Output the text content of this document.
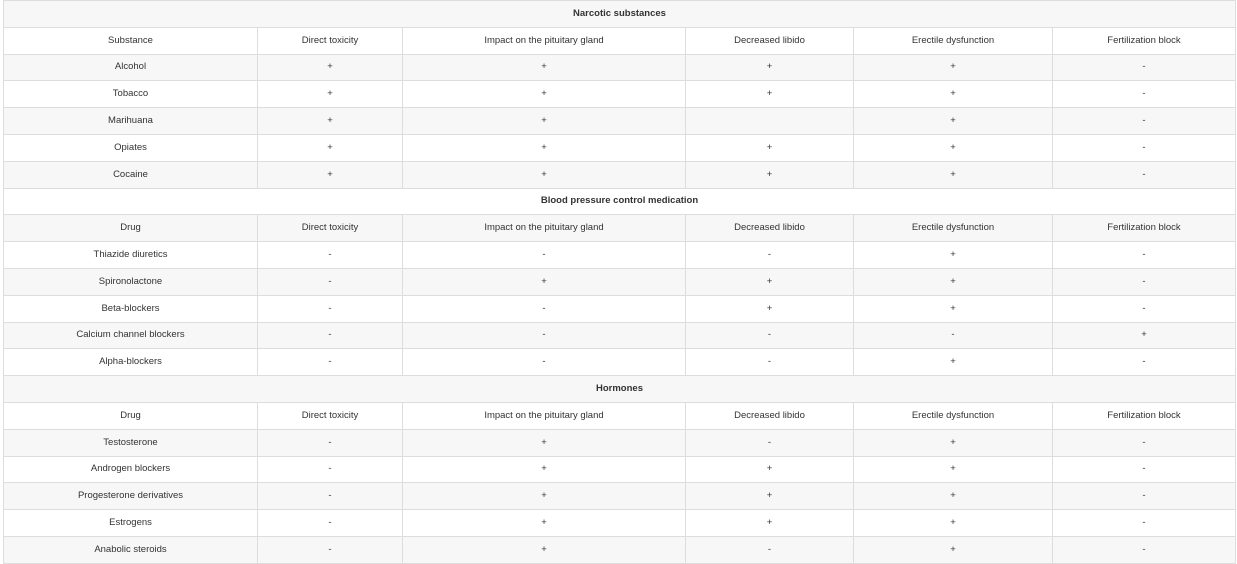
Narcotic substances					
Substance	Direct toxicity	Impact on the pituitary gland	Decreased libido	Erectile dysfunction	Fertilization block
Alcohol	+	+	+	+	-
Tobacco	+	+	+	+	-
Marihuana	+	+		+	-
Opiates	+	+	+	+	-
Cocaine	+	+	+	+	-
Blood pressure control medication					
Drug	Direct toxicity	Impact on the pituitary gland	Decreased libido	Erectile dysfunction	Fertilization block
Thiazide diuretics	-	-	-	+	-
Spironolactone	-	+	+	+	-
Beta-blockers	-	-	+	+	-
Calcium channel blockers	-	-	-	-	+
Alpha-blockers	-	-	-	+	-
Hormones					
Drug	Direct toxicity	Impact on the pituitary gland	Decreased libido	Erectile dysfunction	Fertilization block
Testosterone	-	+	-	+	-
Androgen blockers	-	+	+	+	-
Progesterone derivatives	-	+	+	+	-
Estrogens	-	+	+	+	-
Anabolic steroids	-	+	-	+	-
